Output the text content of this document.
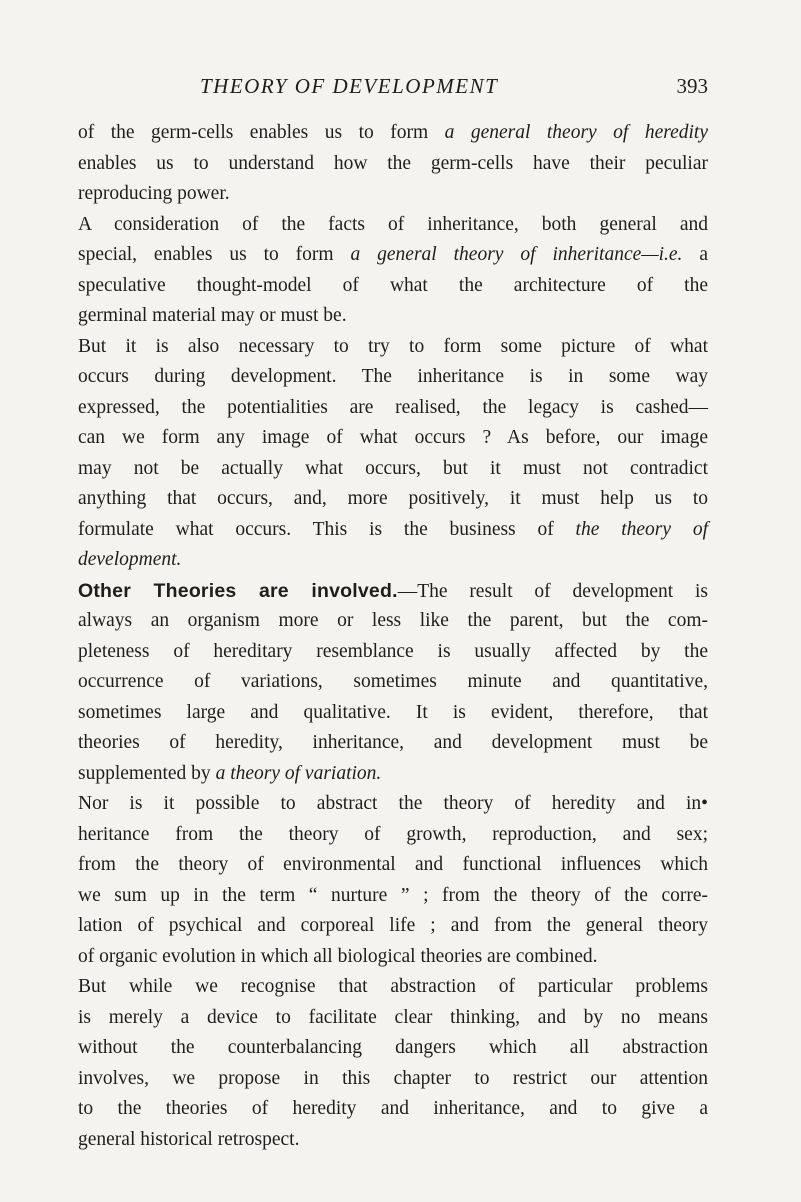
THEORY OF DEVELOPMENT	393
of the germ-cells enables us to form a general theory of heredity
enables us to understand how the germ-cells have their peculiar
reproducing power.
A consideration of the facts of inheritance, both general and
special, enables us to form a general theory of inheritance—i.e. a
speculative thought-model of what the architecture of the
germinal material may or must be.
But it is also necessary to try to form some picture of what
occurs during development. The inheritance is in some way
expressed, the potentialities are realised, the legacy is cashed—
can we form any image of what occurs ? As before, our image
may not be actually what occurs, but it must not contradict
anything that occurs, and, more positively, it must help us to
formulate what occurs. This is the business of the theory of
development.
Other Theories are involved.—The result of development is
always an organism more or less like the parent, but the com-
pleteness of hereditary resemblance is usually affected by the
occurrence of variations, sometimes minute and quantitative,
sometimes large and qualitative. It is evident, therefore, that
theories of heredity, inheritance, and development must be
supplemented by a theory of variation.
Nor is it possible to abstract the theory of heredity and in•
heritance from the theory of growth, reproduction, and sex;
from the theory of environmental and functional influences which
we sum up in the term “ nurture ” ; from the theory of the corre-
lation of psychical and corporeal life ; and from the general theory
of organic evolution in which all biological theories are combined.
But while we recognise that abstraction of particular problems
is merely a device to facilitate clear thinking, and by no means
without the counterbalancing dangers which all abstraction
involves, we propose in this chapter to restrict our attention
to the theories of heredity and inheritance, and to give a
general historical retrospect.
